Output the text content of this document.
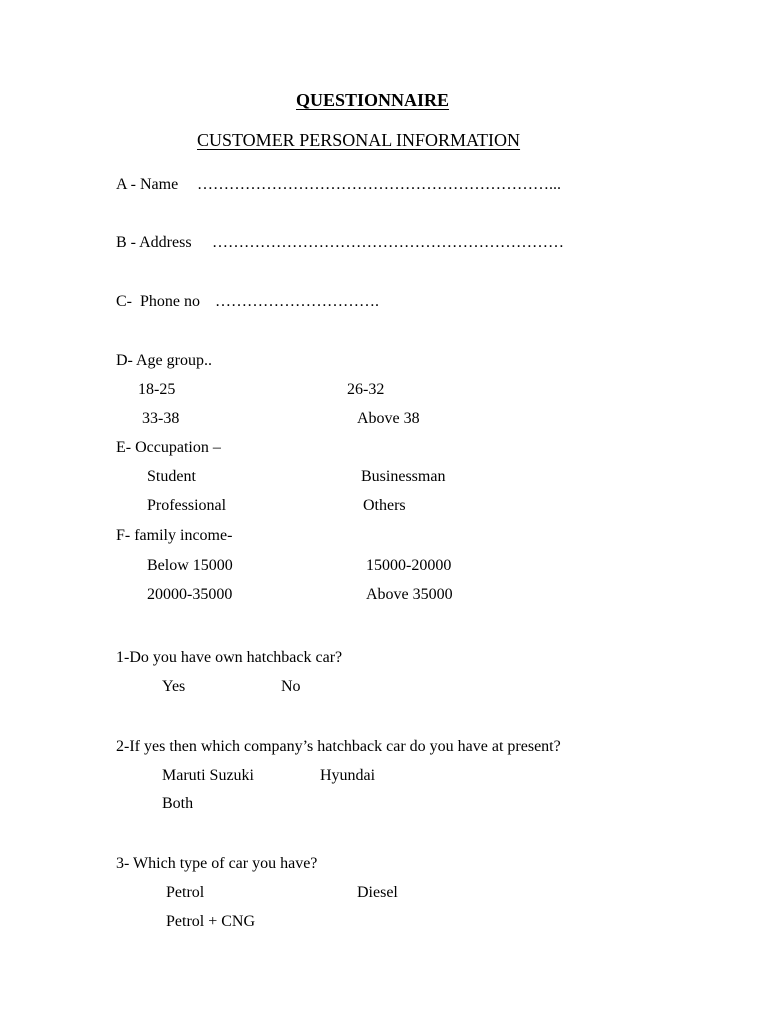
QUESTIONNAIRE
CUSTOMER PERSONAL INFORMATION
A - Name …………………………………………………………...
B - Address …………………………………………………………
C-  Phone no ………………………….
D- Age group..
18-25	26-32
33-38	Above 38
E- Occupation –
Student	Businessman
Professional	Others
F- family income-
Below 15000	15000-20000
20000-35000	Above 35000
1-Do you have own hatchback car?
Yes	No
2-If yes then which company’s hatchback car do you have at present?
Maruti Suzuki	Hyundai
Both
3- Which type of car you have?
Petrol	Diesel
Petrol + CNG
